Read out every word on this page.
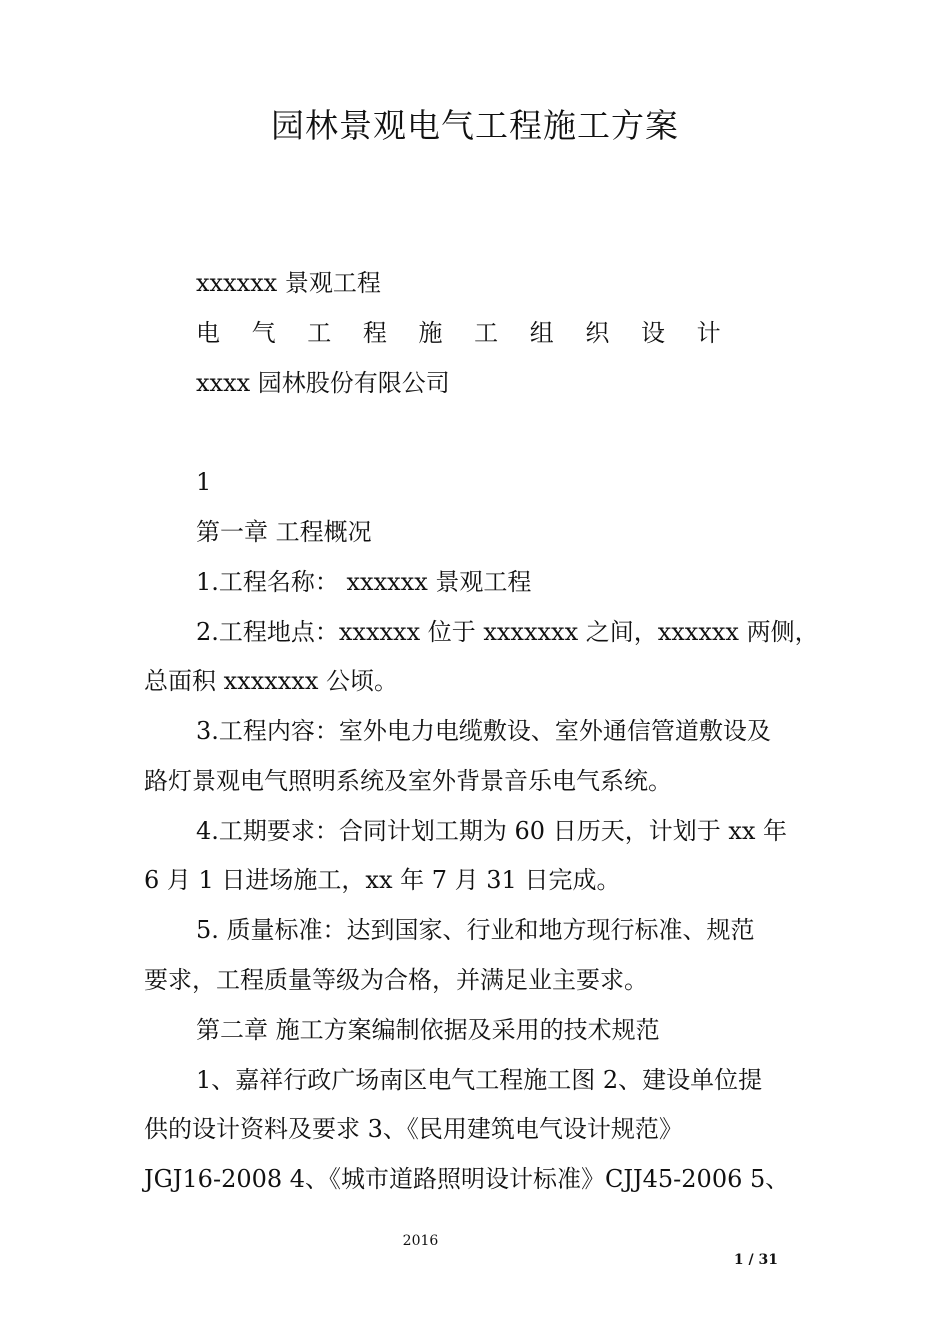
园林景观电气工程施工方案
xxxxxx 景观工程
电 气 工 程 施 工 组 织 设 计
xxxx 园林股份有限公司
1
第一章 工程概况
1.工程名称： xxxxxx 景观工程
2.工程地点：xxxxxx 位于 xxxxxxx 之间，xxxxxx 两侧，
总面积 xxxxxxx 公顷。
3.工程内容：室外电力电缆敷设、室外通信管道敷设及
路灯景观电气照明系统及室外背景音乐电气系统。
4.工期要求：合同计划工期为 60 日历天，计划于 xx 年
6 月 1 日进场施工，xx 年 7 月 31 日完成。
5. 质量标准：达到国家、行业和地方现行标准、规范
要求，工程质量等级为合格，并满足业主要求。
第二章 施工方案编制依据及采用的技术规范
1、嘉祥行政广场南区电气工程施工图 2、建设单位提
供的设计资料及要求 3、《民用建筑电气设计规范》
JGJ16-2008 4、《城市道路照明设计标准》CJJ45-2006 5、
2016
1 / 31
